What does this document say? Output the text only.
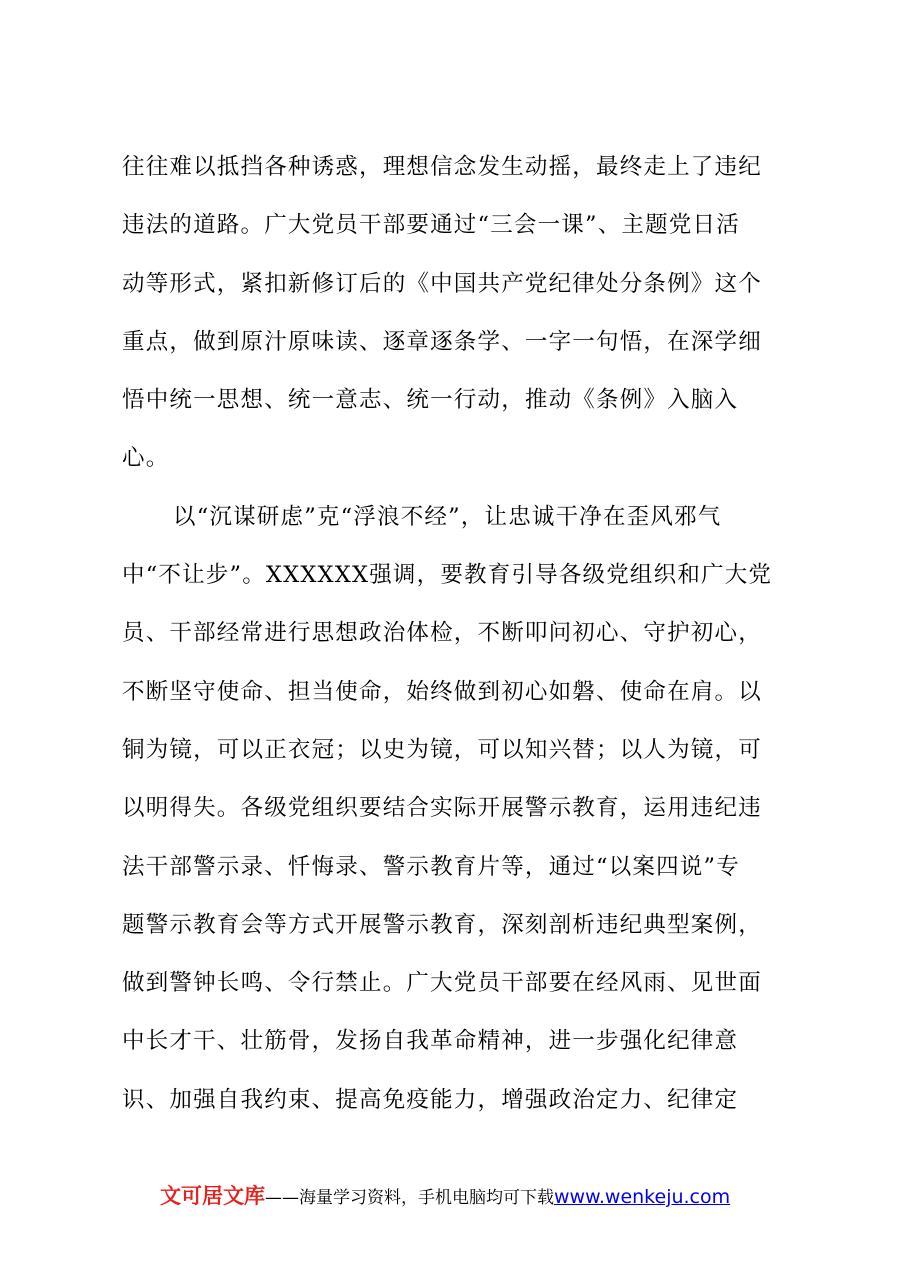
往往难以抵挡各种诱惑，理想信念发生动摇，最终走上了违纪
违法的道路。广大党员干部要通过“三会一课”、主题党日活
动等形式，紧扣新修订后的《中国共产党纪律处分条例》这个
重点，做到原汁原味读、逐章逐条学、一字一句悟，在深学细
悟中统一思想、统一意志、统一行动，推动《条例》入脑入
心。
以“沉谋研虑”克“浮浪不经”，让忠诚干净在歪风邪气
中“不让步”。XXXXXX强调，要教育引导各级党组织和广大党
员、干部经常进行思想政治体检，不断叩问初心、守护初心，
不断坚守使命、担当使命，始终做到初心如磐、使命在肩。以
铜为镜，可以正衣冠；以史为镜，可以知兴替；以人为镜，可
以明得失。各级党组织要结合实际开展警示教育，运用违纪违
法干部警示录、忏悔录、警示教育片等，通过“以案四说”专
题警示教育会等方式开展警示教育，深刻剖析违纪典型案例，
做到警钟长鸣、令行禁止。广大党员干部要在经风雨、见世面
中长才干、壮筋骨，发扬自我革命精神，进一步强化纪律意
识、加强自我约束、提高免疫能力，增强政治定力、纪律定
文可居文库——海量学习资料，手机电脑均可下载www.wenkeju.com
